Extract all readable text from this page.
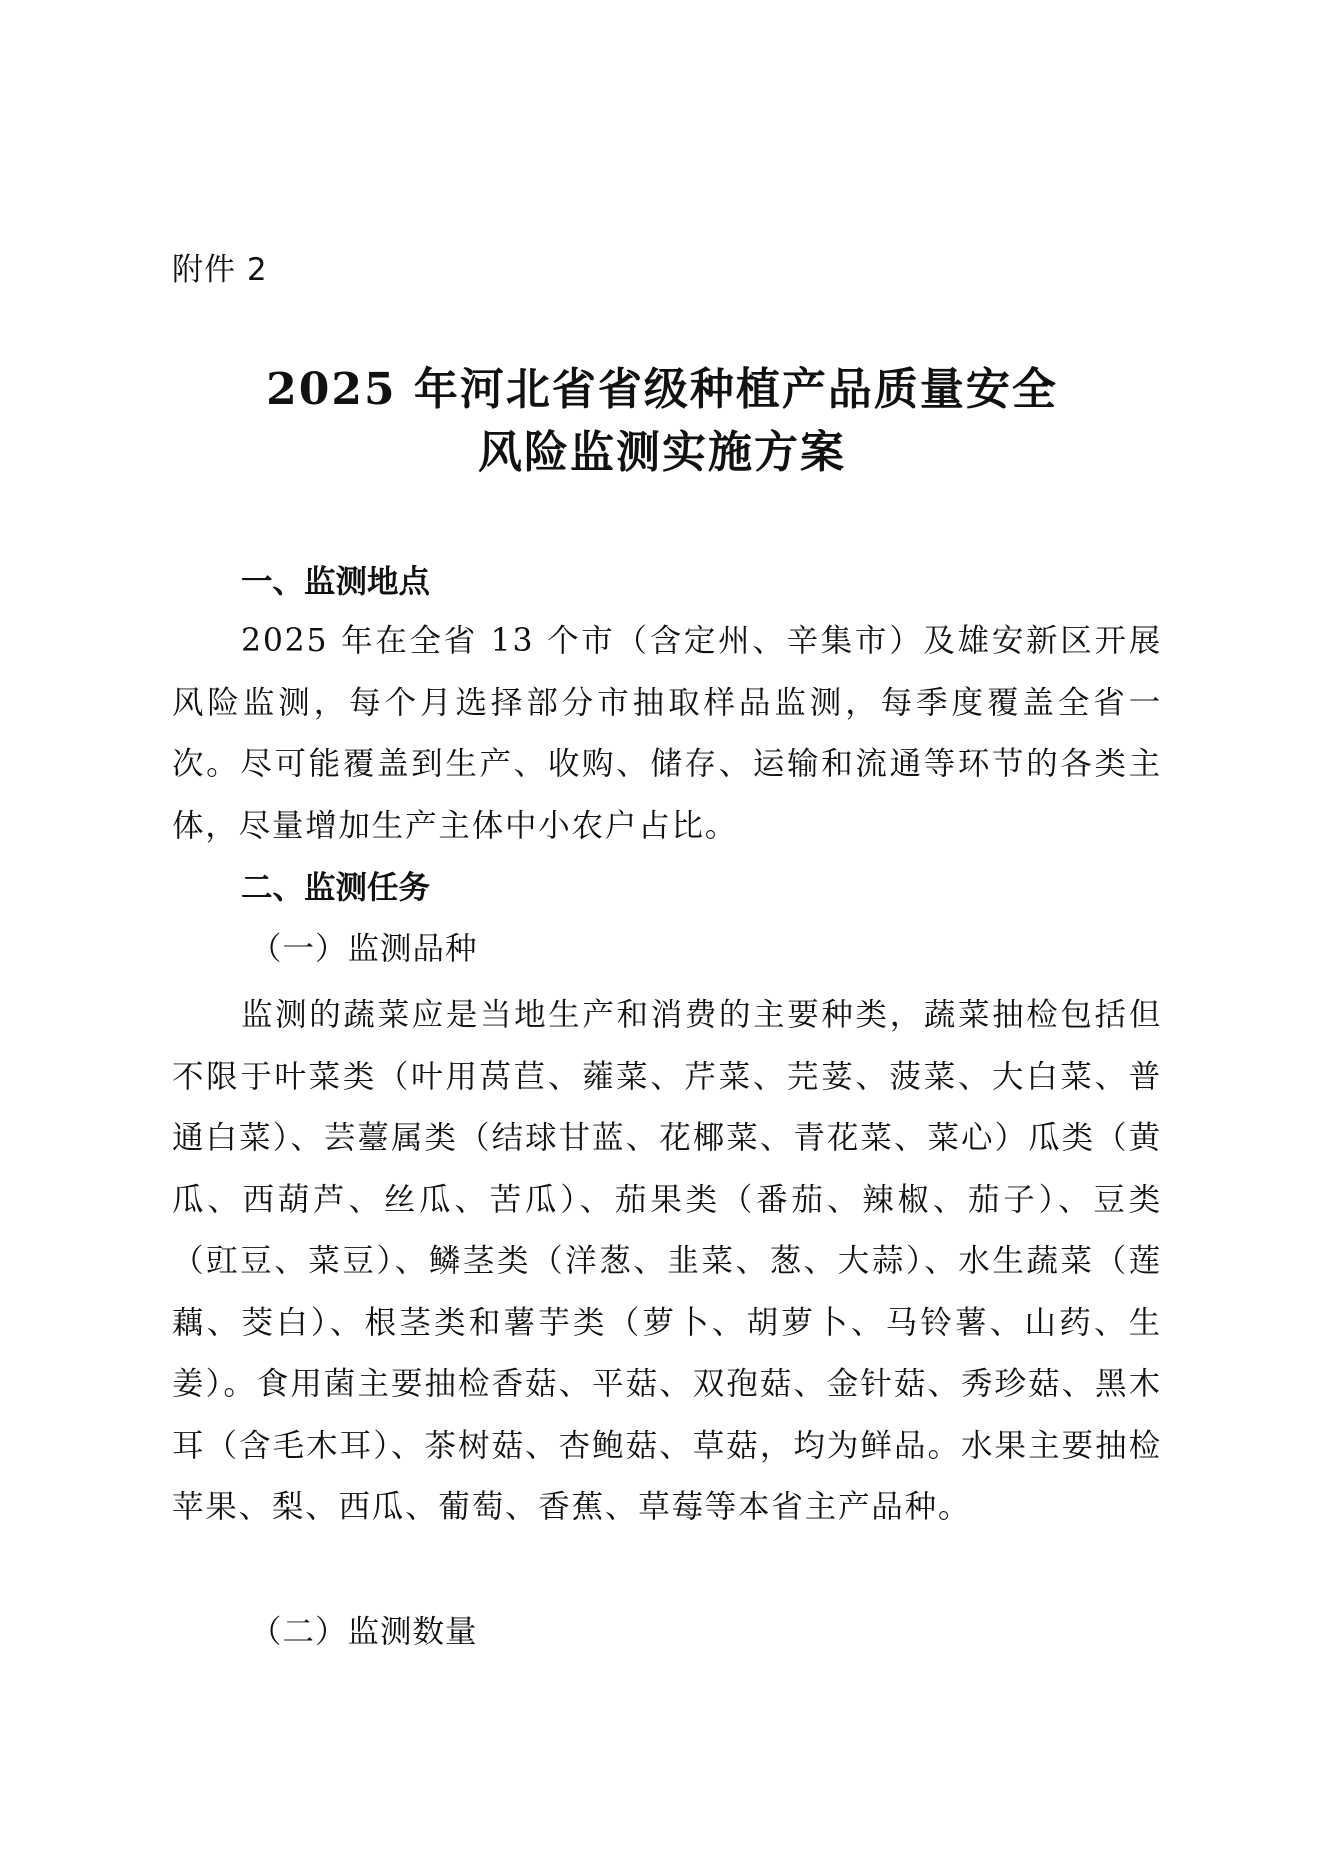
附件 2
2025 年河北省省级种植产品质量安全
风险监测实施方案
一、监测地点

2025 年在全省 13 个市（含定州、辛集市）及雄安新区开展风险监测，每个月选择部分市抽取样品监测，每季度覆盖全省一次。尽可能覆盖到生产、收购、储存、运输和流通等环节的各类主体，尽量增加生产主体中小农户占比。

二、监测任务
（一）监测品种

监测的蔬菜应是当地生产和消费的主要种类，蔬菜抽检包括但不限于叶菜类（叶用莴苣、蕹菜、芹菜、芫荽、菠菜、大白菜、普通白菜）、芸薹属类（结球甘蓝、花椰菜、青花菜、菜心）瓜类（黄瓜、西葫芦、丝瓜、苦瓜）、茄果类（番茄、辣椒、茄子）、豆类（豇豆、菜豆）、鳞茎类（洋葱、韭菜、葱、大蒜）、水生蔬菜（莲藕、茭白）、根茎类和薯芋类（萝卜、胡萝卜、马铃薯、山药、生姜）。食用菌主要抽检香菇、平菇、双孢菇、金针菇、秀珍菇、黑木耳（含毛木耳）、茶树菇、杏鲍菇、草菇，均为鲜品。水果主要抽检苹果、梨、西瓜、葡萄、香蕉、草莓等本省主产品种。

（二）监测数量
